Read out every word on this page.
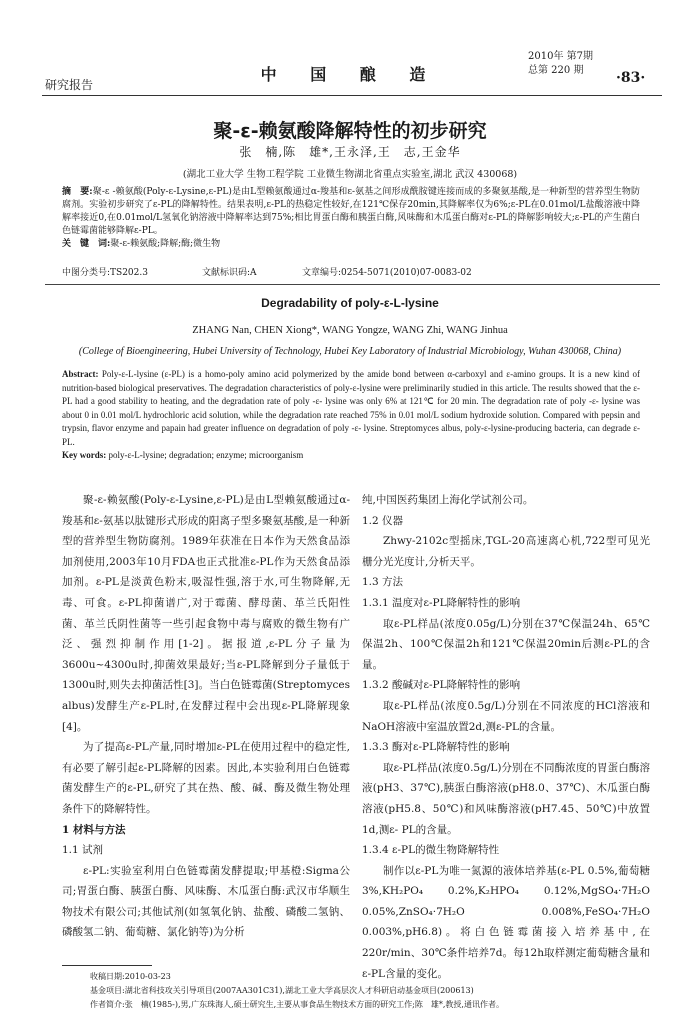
研究报告
中 国 酿 造
2010年 第7期
总第 220 期 ·83·
聚-ε-赖氨酸降解特性的初步研究
张　楠,陈　雄*,王永泽,王　志,王金华
(湖北工业大学 生物工程学院 工业微生物湖北省重点实验室,湖北 武汉 430068)
摘　要:聚-ε -赖氨酸(Poly-ε-Lysine,ε-PL)是由L型赖氨酸通过α-羧基和ε-氨基之间形成酰胺键连接而成的多聚氨基酸,是一种新型的营养型生物防腐剂。实验初步研究了ε-PL的降解特性。结果表明,ε-PL的热稳定性较好,在121℃保存20min,其降解率仅为6%;ε-PL在0.01mol/L盐酸溶液中降解率接近0,在0.01mol/L氢氧化钠溶液中降解率达到75%;相比胃蛋白酶和胰蛋白酶,风味酶和木瓜蛋白酶对ε-PL的降解影响较大;ε-PL的产生菌白色链霉菌能够降解ε-PL。
关　键　词:聚-ε-赖氨酸;降解;酶;微生物
中图分类号:TS202.3	文献标识码:A	文章编号:0254-5071(2010)07-0083-02
Degradability of poly-ε-L-lysine
ZHANG Nan, CHEN Xiong*, WANG Yongze, WANG Zhi, WANG Jinhua
(College of Bioengineering, Hubei University of Technology, Hubei Key Laboratory of Industrial Microbiology, Wuhan 430068, China)
Abstract: Poly-ε-L-lysine (ε-PL) is a homo-poly amino acid polymerized by the amide bond between α-carboxyl and ε-amino groups. It is a new kind of nutrition-based biological preservatives. The degradation characteristics of poly-ε-lysine were preliminarily studied in this article. The results showed that the ε- PL had a good stability to heating, and the degradation rate of poly -ε- lysine was only 6% at 121℃ for 20 min. The degradation rate of poly -ε- lysine was about 0 in 0.01 mol/L hydrochloric acid solution, while the degradation rate reached 75% in 0.01 mol/L sodium hydroxide solution. Compared with pepsin and trypsin, flavor enzyme and papain had greater influence on degradation of poly -ε- lysine. Streptomyces albus, poly-ε-lysine-producing bacteria, can degrade ε-PL.
Key words: poly-ε-L-lysine; degradation; enzyme; microorganism

聚-ε-赖氨酸(Poly-ε-Lysine,ε-PL)是由L型赖氨酸通过α-羧基和ε-氨基以肽键形式形成的阳离子型多聚氨基酸,是一种新型的营养型生物防腐剂。1989年获准在日本作为天然食品添加剂使用,2003年10月FDA也正式批准ε-PL作为天然食品添加剂。ε-PL是淡黄色粉末,吸湿性强,溶于水,可生物降解,无毒、可食。ε-PL抑菌谱广,对于霉菌、酵母菌、革兰氏阳性菌、革兰氏阴性菌等一些引起食物中毒与腐败的微生物有广泛、强烈抑制作用[1-2]。据报道,ε-PL分子量为3600u~4300u时,抑菌效果最好;当ε-PL降解到分子量低于1300u时,则失去抑菌活性[3]。当白色链霉菌(Streptomyces albus)发酵生产ε-PL时,在发酵过程中会出现ε-PL降解现象[4]。

为了提高ε-PL产量,同时增加ε-PL在使用过程中的稳定性,有必要了解引起ε-PL降解的因素。因此,本实验利用白色链霉菌发酵生产的ε-PL,研究了其在热、酸、碱、酶及微生物处理条件下的降解特性。

1 材料与方法

1.1 试剂

ε-PL:实验室利用白色链霉菌发酵提取;甲基橙:Sigma公司;胃蛋白酶、胰蛋白酶、风味酶、木瓜蛋白酶:武汉市华顺生物技术有限公司;其他试剂(如氢氧化钠、盐酸、磷酸二氢钠、磷酸氢二钠、葡萄糖、氯化钠等)为分析

纯,中国医药集团上海化学试剂公司。

1.2 仪器

Zhwy-2102c型摇床,TGL-20高速离心机,722型可见光栅分光光度计,分析天平。

1.3 方法

1.3.1 温度对ε-PL降解特性的影响

取ε-PL样品(浓度0.05g/L)分别在37℃保温24h、65℃保温2h、100℃保温2h和121℃保温20min后测ε-PL的含量。

1.3.2 酸碱对ε-PL降解特性的影响

取ε-PL样品(浓度0.5g/L)分别在不同浓度的HCl溶液和NaOH溶液中室温放置2d,测ε-PL的含量。

1.3.3 酶对ε-PL降解特性的影响

取ε-PL样品(浓度0.5g/L)分别在不同酶浓度的胃蛋白酶溶液(pH3、37℃),胰蛋白酶溶液(pH8.0、37℃)、木瓜蛋白酶溶液(pH5.8、50℃)和风味酶溶液(pH7.45、50℃)中放置1d,测ε- PL的含量。

1.3.4 ε-PL的微生物降解特性

制作以ε-PL为唯一氮源的液体培养基(ε-PL 0.5%,葡萄糖3%,KH₂PO₄ 0.2%,K₂HPO₄ 0.12%,MgSO₄·7H₂O 0.05%,ZnSO₄·7H₂O 0.008%,FeSO₄·7H₂O 0.003%,pH6.8)。将白色链霉菌接入培养基中,在220r/min、30℃条件培养7d。每12h取样测定葡萄糖含量和ε-PL含量的变化。

收稿日期:2010-03-23
基金项目:湖北省科技攻关引导项目(2007AA301C31),湖北工业大学高层次人才科研启动基金项目(200613)
作者简介:张　楠(1985-),男,广东珠海人,硕士研究生,主要从事食品生物技术方面的研究工作;陈　雄*,教授,通讯作者。
